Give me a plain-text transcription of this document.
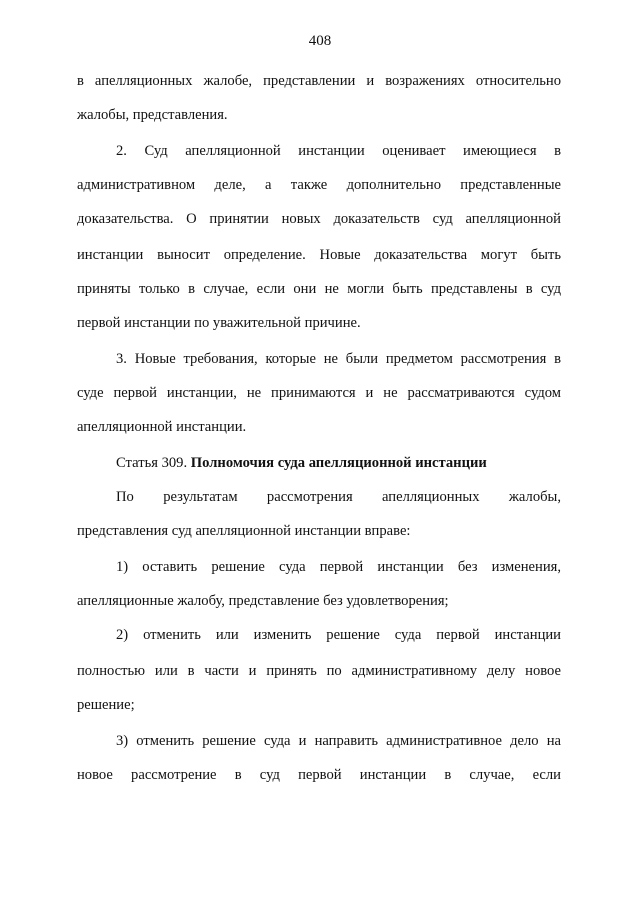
408
в апелляционных жалобе, представлении и возражениях относительно
жалобы, представления.
2. Суд апелляционной инстанции оценивает имеющиеся в
административном деле, а также дополнительно представленные
доказательства. О принятии новых доказательств суд апелляционной
инстанции выносит определение. Новые доказательства могут быть
приняты только в случае, если они не могли быть представлены в суд
первой инстанции по уважительной причине.
3. Новые требования, которые не были предметом рассмотрения в
суде первой инстанции, не принимаются и не рассматриваются судом
апелляционной инстанции.
Статья 309. Полномочия суда апелляционной инстанции
По результатам рассмотрения апелляционных жалобы,
представления суд апелляционной инстанции вправе:
1) оставить решение суда первой инстанции без изменения,
апелляционные жалобу, представление без удовлетворения;
2) отменить или изменить решение суда первой инстанции
полностью или в части и принять по административному делу новое
решение;
3) отменить решение суда и направить административное дело на
новое рассмотрение в суд первой инстанции в случае, если
